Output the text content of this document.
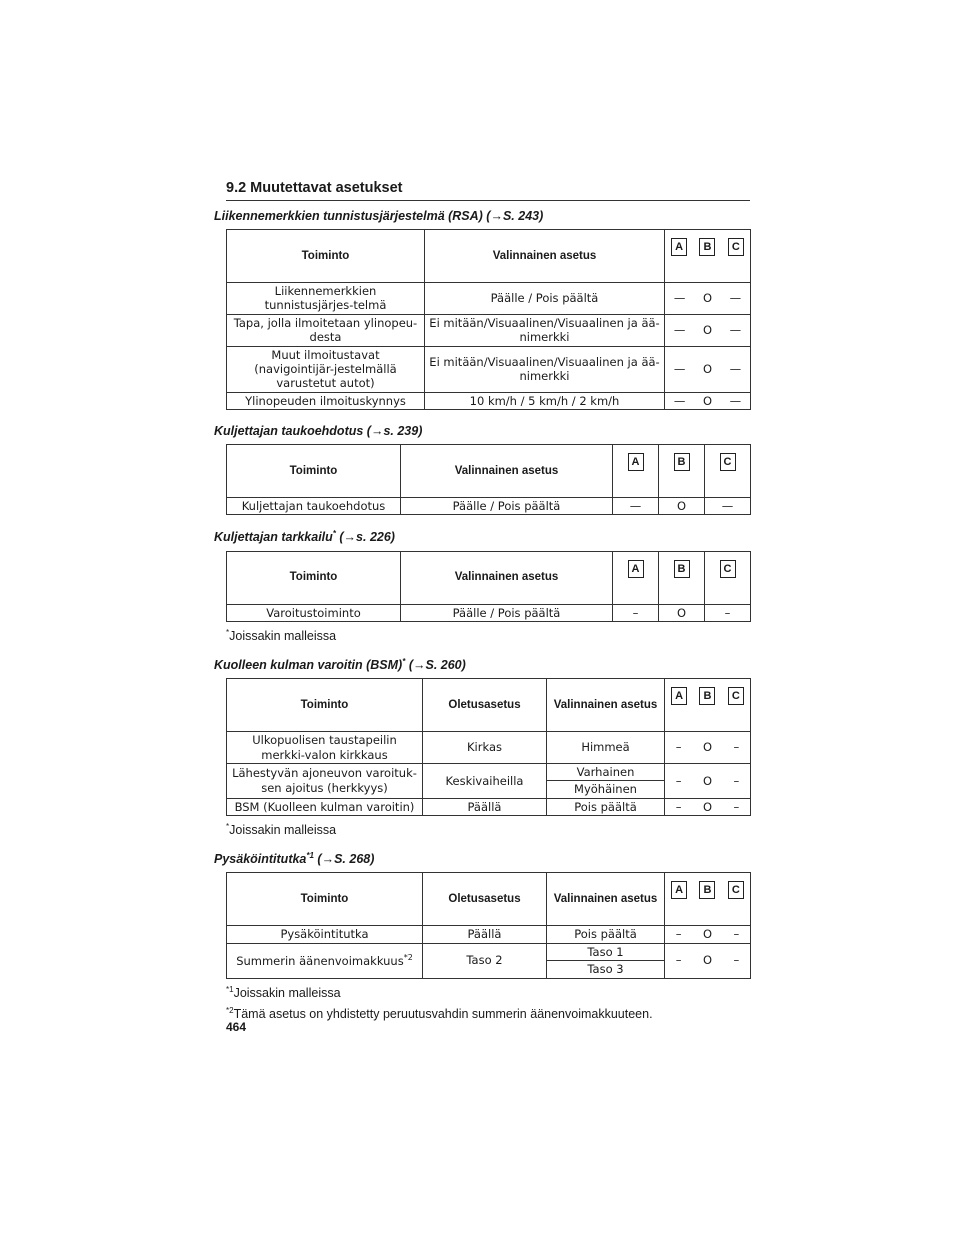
9.2 Muutettavat asetukset
Liikennemerkkien tunnistusjärjestelmä (RSA) (→S. 243)
Toiminto	Valinnainen asetus	A B C

Liikennemerkkien tunnistusjärjes-telmä	Päälle / Pois päältä	— O —

Tapa, jolla ilmoitetaan ylinopeu-desta	Ei mitään/Visuaalinen/Visuaalinen ja ää-nimerkki	— O —

Muut ilmoitustavat (navigointijär-jestelmällä varustetut autot)	Ei mitään/Visuaalinen/Visuaalinen ja ää-nimerkki	— O —

Ylinopeuden ilmoituskynnys	10 km/h / 5 km/h / 2 km/h	— O —
Kuljettajan taukoehdotus (→s. 239)
Toiminto	Valinnainen asetus	A	B	C
Kuljettajan taukoehdotus	Päälle / Pois päältä	—	O	—
Kuljettajan tarkkailu* (→s. 226)
Toiminto	Valinnainen asetus	A	B	C
Varoitustoiminto	Päälle / Pois päältä	–	O	–
*Joissakin malleissa
Kuolleen kulman varoitin (BSM)* (→S. 260)
Toiminto	Oletusasetus	Valinnainen asetus	A B C

Ulkopuolisen taustapeilin merkki-valon kirkkaus	Kirkas	Himmeä	– O –

Lähestyvän ajoneuvon varoituk-sen ajoitus (herkkyys)	Keskivaiheilla	Varhainen	– O –

		Myöhäinen	
BSM (Kuolleen kulman varoitin)	Päällä	Pois päältä	– O –
*Joissakin malleissa
Pysäköintitutka$^{*1}$ (→S. 268)
Toiminto	Oletusasetus	Valinnainen asetus	A B C

Pysäköintitutka	Päällä	Pois päältä	– O –

Summerin äänenvoimakkuus$^{*2}$	Taso 2	Taso 1	– O –

		Taso 3	
$^{*1}$Joissakin malleissa
$^{*2}$Tämä asetus on yhdistetty peruutusvahdin summerin äänenvoimakkuuteen.
464
